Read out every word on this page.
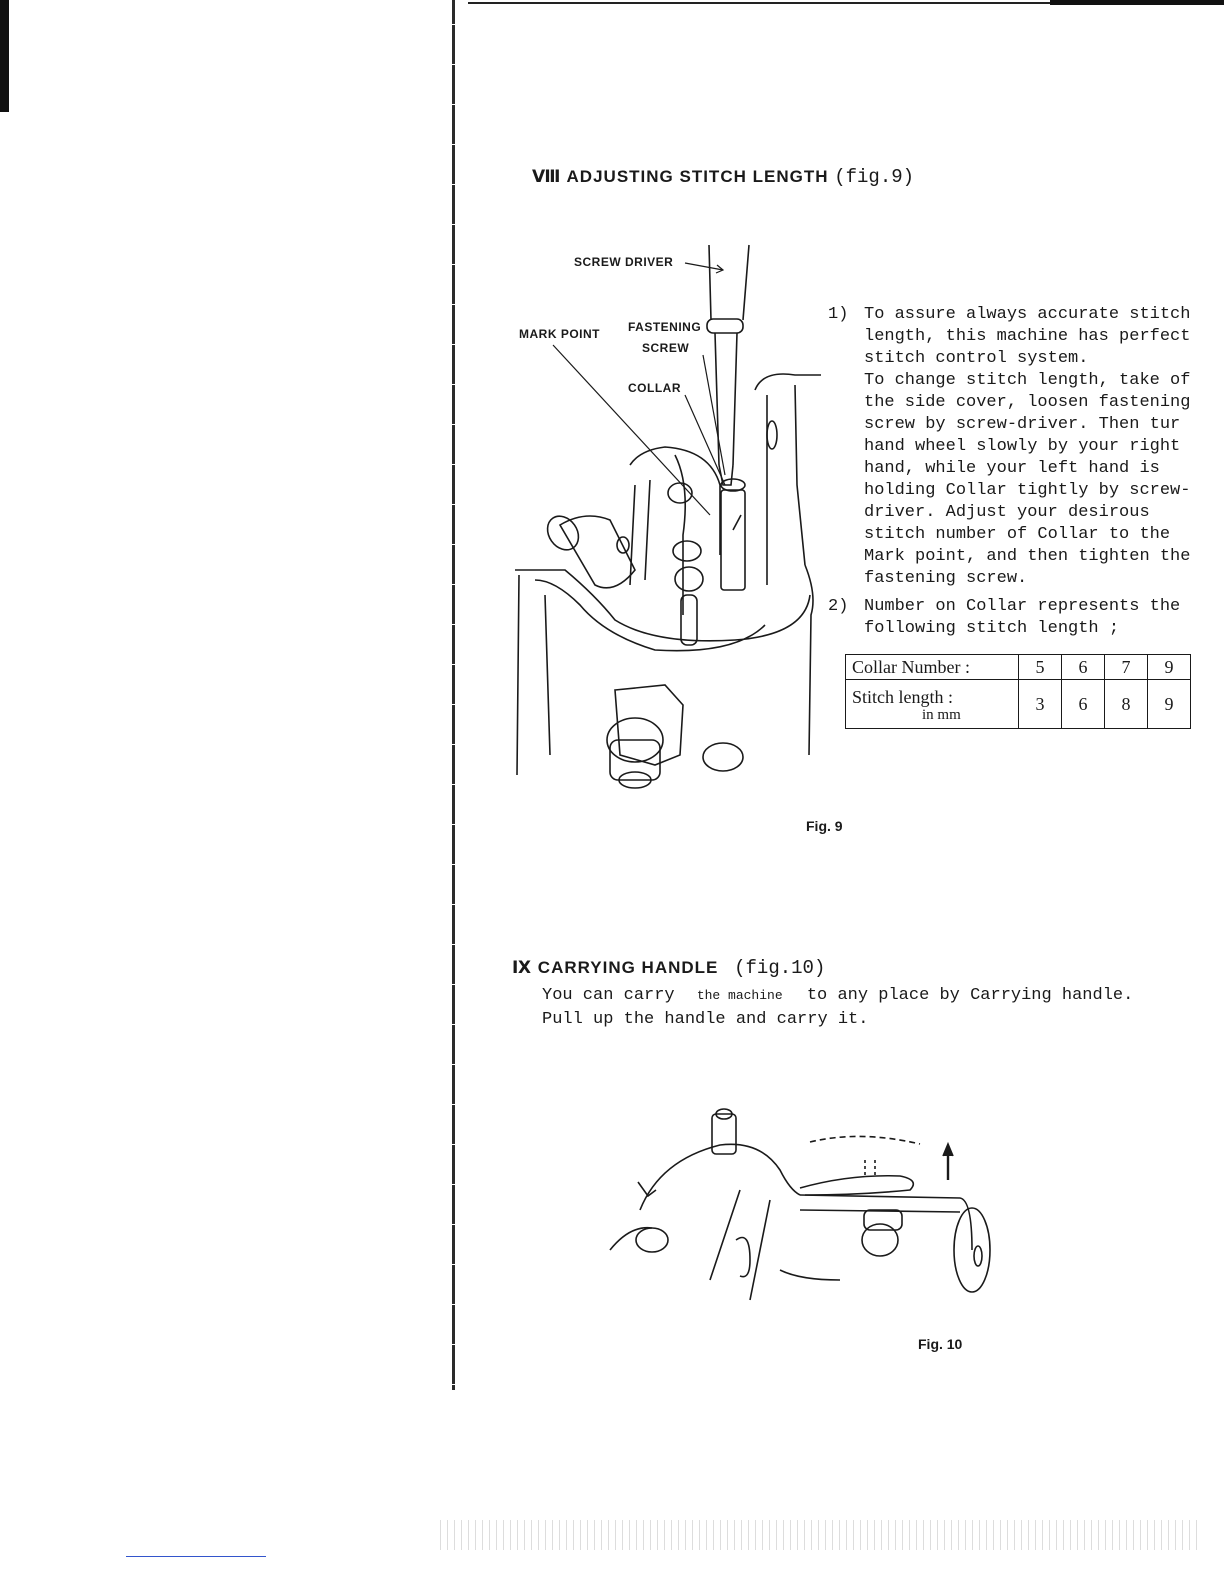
Ⅷ ADJUSTING STITCH LENGTH (fig.9)
SCREW DRIVER
FASTENING
SCREW
MARK POINT
COLLAR
Fig. 9
1) To assure always accurate stitch
length, this machine has perfect
stitch control system.
To change stitch length, take of
the side cover, loosen fastening
screw by screw-driver. Then tur
hand wheel slowly by your right
hand, while your left hand is
holding Collar tightly by screw-
driver. Adjust your desirous
stitch number of Collar to the
Mark point, and then tighten the
fastening screw.
2) Number on Collar represents the
following stitch length ;
Collar Number :	5	6	7	9
Stitch length :
in mm	3	6	8	9
Ⅸ CARRYING HANDLE (fig.10)
You can carry the machine to any place by Carrying handle.
Pull up the handle and carry it.
Fig. 10
